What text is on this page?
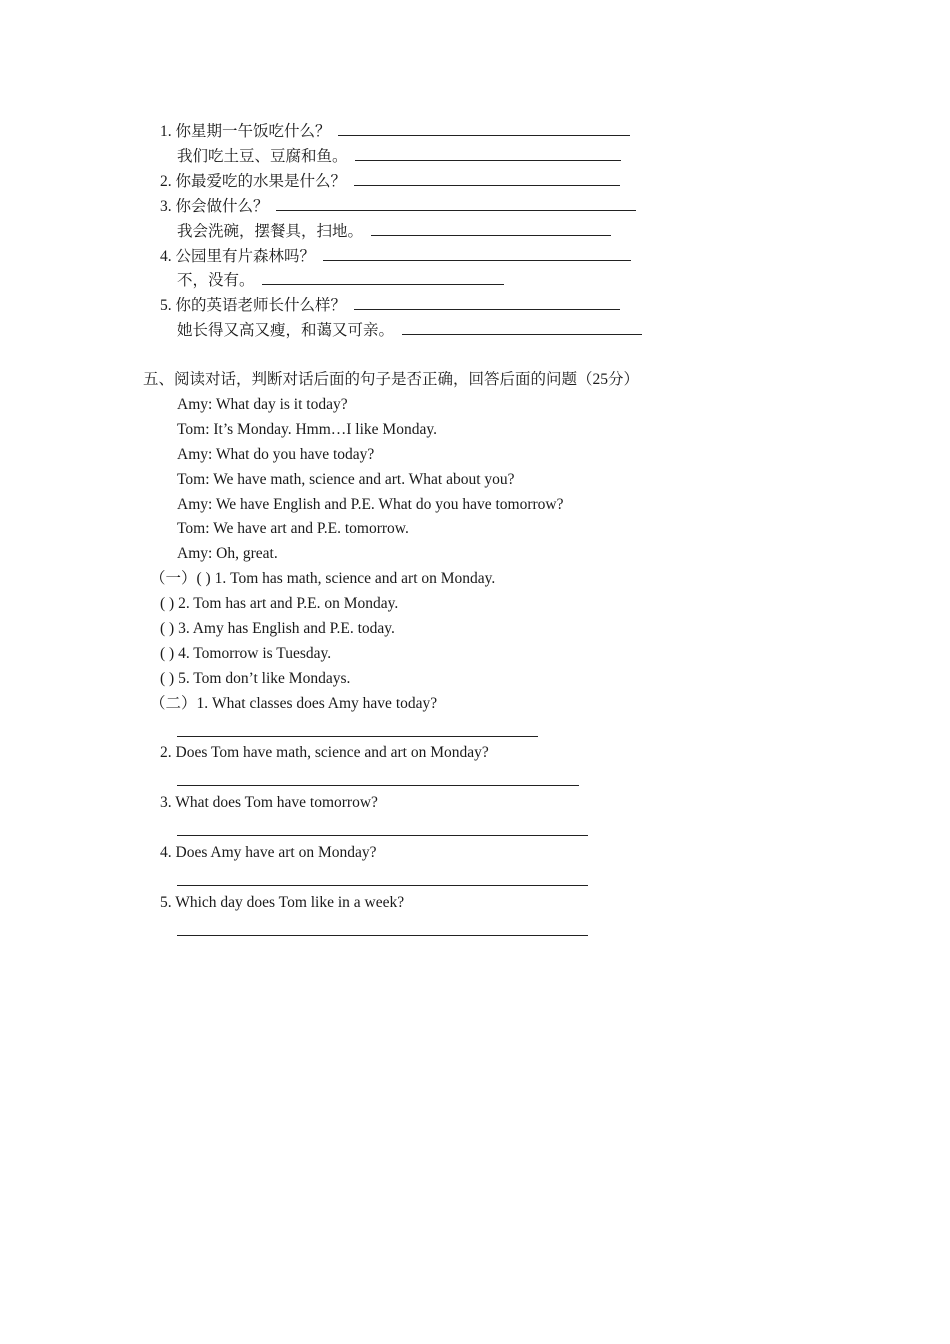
1. 你星期一午饭吃什么？
我们吃土豆、豆腐和鱼。
2. 你最爱吃的水果是什么？
3. 你会做什么？
我会洗碗，摆餐具，扫地。
4. 公园里有片森林吗？
不，没有。
5. 你的英语老师长什么样？
她长得又高又瘦，和蔼又可亲。
五、阅读对话，判断对话后面的句子是否正确，回答后面的问题（25分）
Amy: What day is it today?
Tom: It’s Monday. Hmm…I like Monday.
Amy: What do you have today?
Tom: We have math, science and art. What about you?
Amy: We have English and P.E. What do you have tomorrow?
Tom: We have art and P.E. tomorrow.
Amy: Oh, great.
（一）( ) 1. Tom has math, science and art on Monday.
( ) 2. Tom has art and P.E. on Monday.
( ) 3. Amy has English and P.E. today.
( ) 4. Tomorrow is Tuesday.
( ) 5. Tom don’t like Mondays.
（二）1. What classes does Amy have today?
2. Does Tom have math, science and art on Monday?
3. What does Tom have tomorrow?
4. Does Amy have art on Monday?
5. Which day does Tom like in a week?
